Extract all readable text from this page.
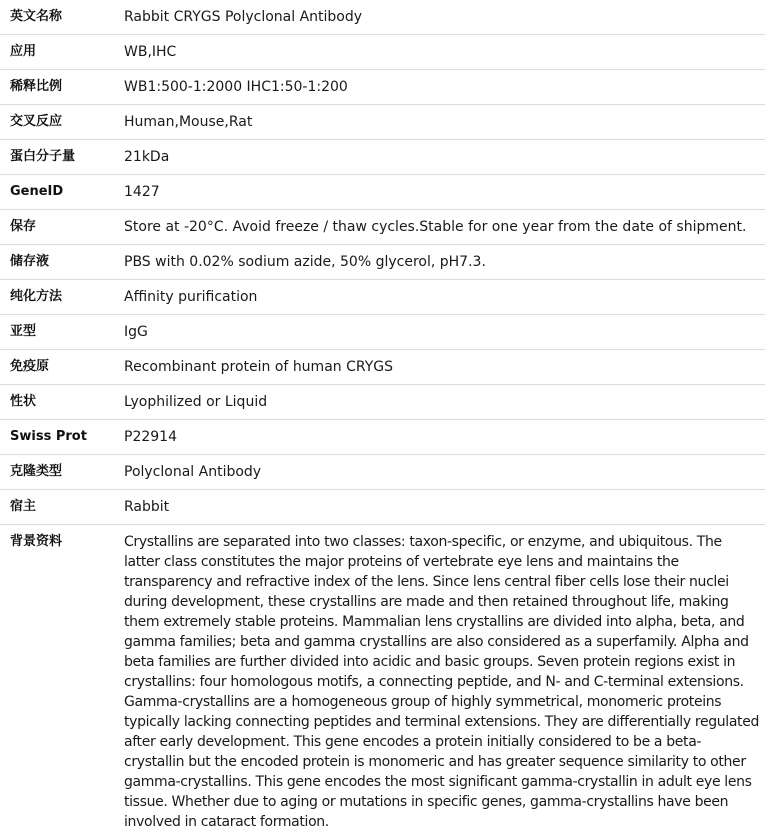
英文名称	Rabbit CRYGS Polyclonal Antibody
应用	WB,IHC
稀释比例	WB1:500-1:2000 IHC1:50-1:200
交叉反应	Human,Mouse,Rat
蛋白分子量	21kDa
GeneID	1427
保存	Store at -20°C. Avoid freeze / thaw cycles.Stable for one year from the date of shipment.
储存液	PBS with 0.02% sodium azide, 50% glycerol, pH7.3.
纯化方法	Affinity purification
亚型	IgG
免疫原	Recombinant protein of human CRYGS
性状	Lyophilized or Liquid
Swiss Prot	P22914
克隆类型	Polyclonal Antibody
宿主	Rabbit
背景资料	Crystallins are separated into two classes: taxon-specific, or enzyme, and ubiquitous. The latter class constitutes the major proteins of vertebrate eye lens and maintains the transparency and refractive index of the lens. Since lens central fiber cells lose their nuclei during development, these crystallins are made and then retained throughout life, making them extremely stable proteins. Mammalian lens crystallins are divided into alpha, beta, and gamma families; beta and gamma crystallins are also considered as a superfamily. Alpha and beta families are further divided into acidic and basic groups. Seven protein regions exist in crystallins: four homologous motifs, a connecting peptide, and N- and C-terminal extensions. Gamma-crystallins are a homogeneous group of highly symmetrical, monomeric proteins typically lacking connecting peptides and terminal extensions. They are differentially regulated after early development. This gene encodes a protein initially considered to be a beta-crystallin but the encoded protein is monomeric and has greater sequence similarity to other gamma-crystallins. This gene encodes the most significant gamma-crystallin in adult eye lens tissue. Whether due to aging or mutations in specific genes, gamma-crystallins have been involved in cataract formation.
